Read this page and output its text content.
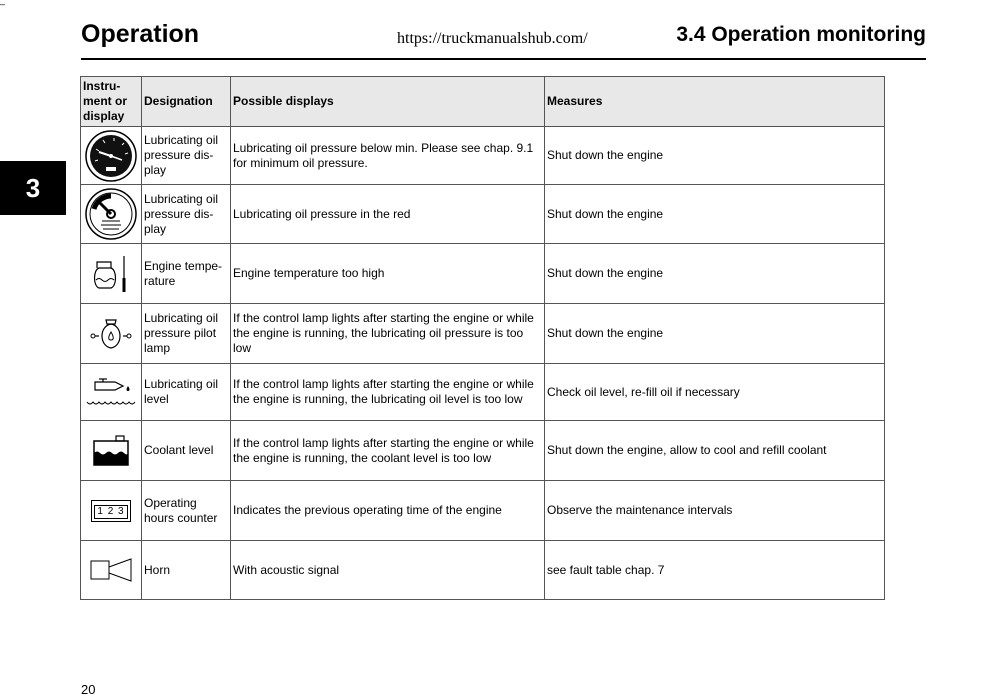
–
Operation	https://truckmanualshub.com/	3.4 Operation monitoring
3
Instru-
ment or
display	Designation	Possible displays	Measures
	Lubricating oil pressure dis-play	Lubricating oil pressure below min. Please see chap. 9.1 for minimum oil pressure.	Shut down the engine
	Lubricating oil pressure dis-play	Lubricating oil pressure in the red	Shut down the engine
	Engine tempe-rature	Engine temperature too high	Shut down the engine
	Lubricating oil pressure pilot lamp	If the control lamp lights after starting the engine or while the engine is running, the lubricating oil pressure is too low	Shut down the engine
	Lubricating oil level	If the control lamp lights after starting the engine or while the engine is running, the lubricating oil level is too low	Check oil level, re-fill oil if necessary
	Coolant level	If the control lamp lights after starting the engine or while the engine is running, the coolant level is too low	Shut down the engine, allow to cool and refill coolant
1 2 3	Operating hours counter	Indicates the previous operating time of the engine	Observe the maintenance intervals
	Horn	With acoustic signal	see fault table chap. 7
20
